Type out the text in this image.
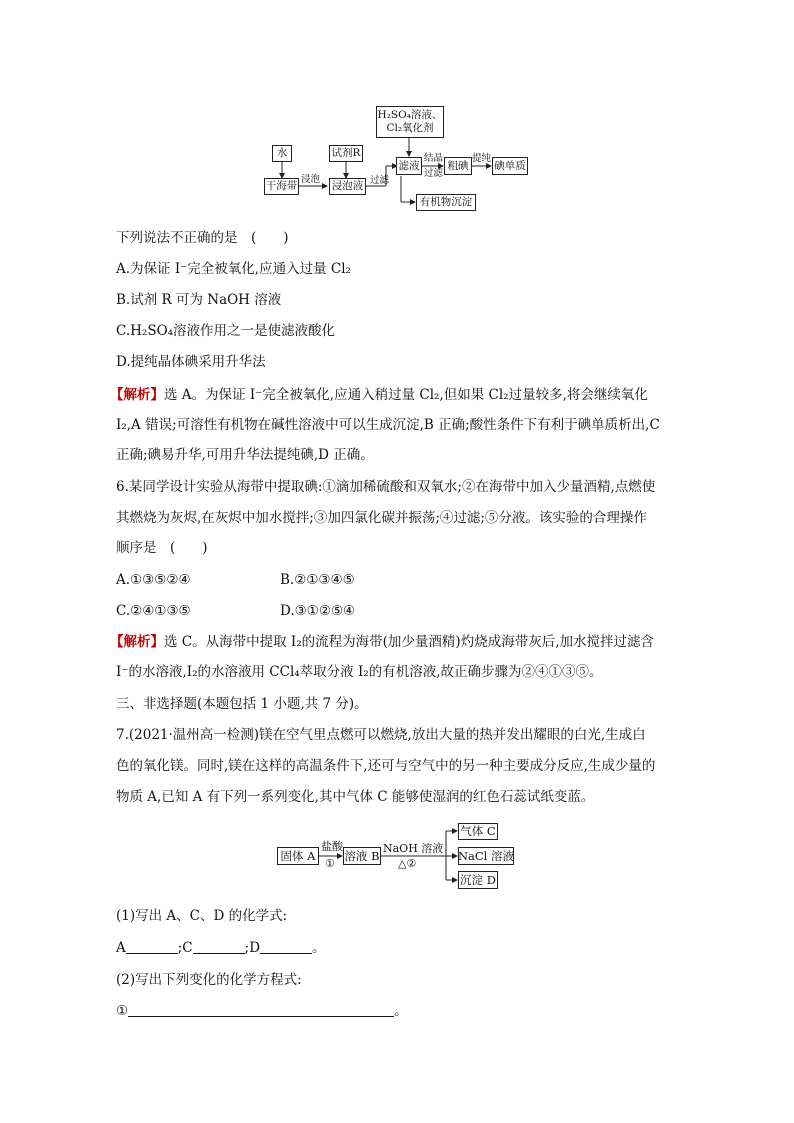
H₂SO₄溶液、
Cl₂氧化剂
水	试剂R
干海带
浸泡
浸泡液 过滤
滤液
结晶
过滤
粗碘
提纯
碘单质
有机物沉淀
下列说法不正确的是　(　　)
A.为保证 I⁻完全被氧化,应通入过量 Cl₂
B.试剂 R 可为 NaOH 溶液
C.H₂SO₄溶液作用之一是使滤液酸化
D.提纯晶体碘采用升华法
【解析】选 A。为保证 I⁻完全被氧化,应通入稍过量 Cl₂,但如果 Cl₂过量较多,将会继续氧化
I₂,A 错误;可溶性有机物在碱性溶液中可以生成沉淀,B 正确;酸性条件下有利于碘单质析出,C
正确;碘易升华,可用升华法提纯碘,D 正确。
6.某同学设计实验从海带中提取碘:①滴加稀硫酸和双氧水;②在海带中加入少量酒精,点燃使
其燃烧为灰烬,在灰烬中加水搅拌;③加四氯化碳并振荡;④过滤;⑤分液。该实验的合理操作
顺序是　(　　)
A.①③⑤②④	B.②①③④⑤
C.②④①③⑤	D.③①②⑤④
【解析】选 C。从海带中提取 I₂的流程为海带(加少量酒精)灼烧成海带灰后,加水搅拌过滤含
I⁻的水溶液,I₂的水溶液用 CCl₄萃取分液 I₂的有机溶液,故正确步骤为②④①③⑤。
三、非选择题(本题包括 1 小题,共 7 分)。
7.(2021·温州高一检测)镁在空气里点燃可以燃烧,放出大量的热并发出耀眼的白光,生成白
色的氧化镁。同时,镁在这样的高温条件下,还可与空气中的另一种主要成分反应,生成少量的
物质 A,已知 A 有下列一系列变化,其中气体 C 能够使湿润的红色石蕊试纸变蓝。
固体 A
盐酸
①
溶液 B NaOH 溶液
△②
气体 C
NaCl 溶液
沉淀 D
(1)写出 A、C、D 的化学式:
A	;C	;D	。
(2)写出下列变化的化学方程式:
①	。
